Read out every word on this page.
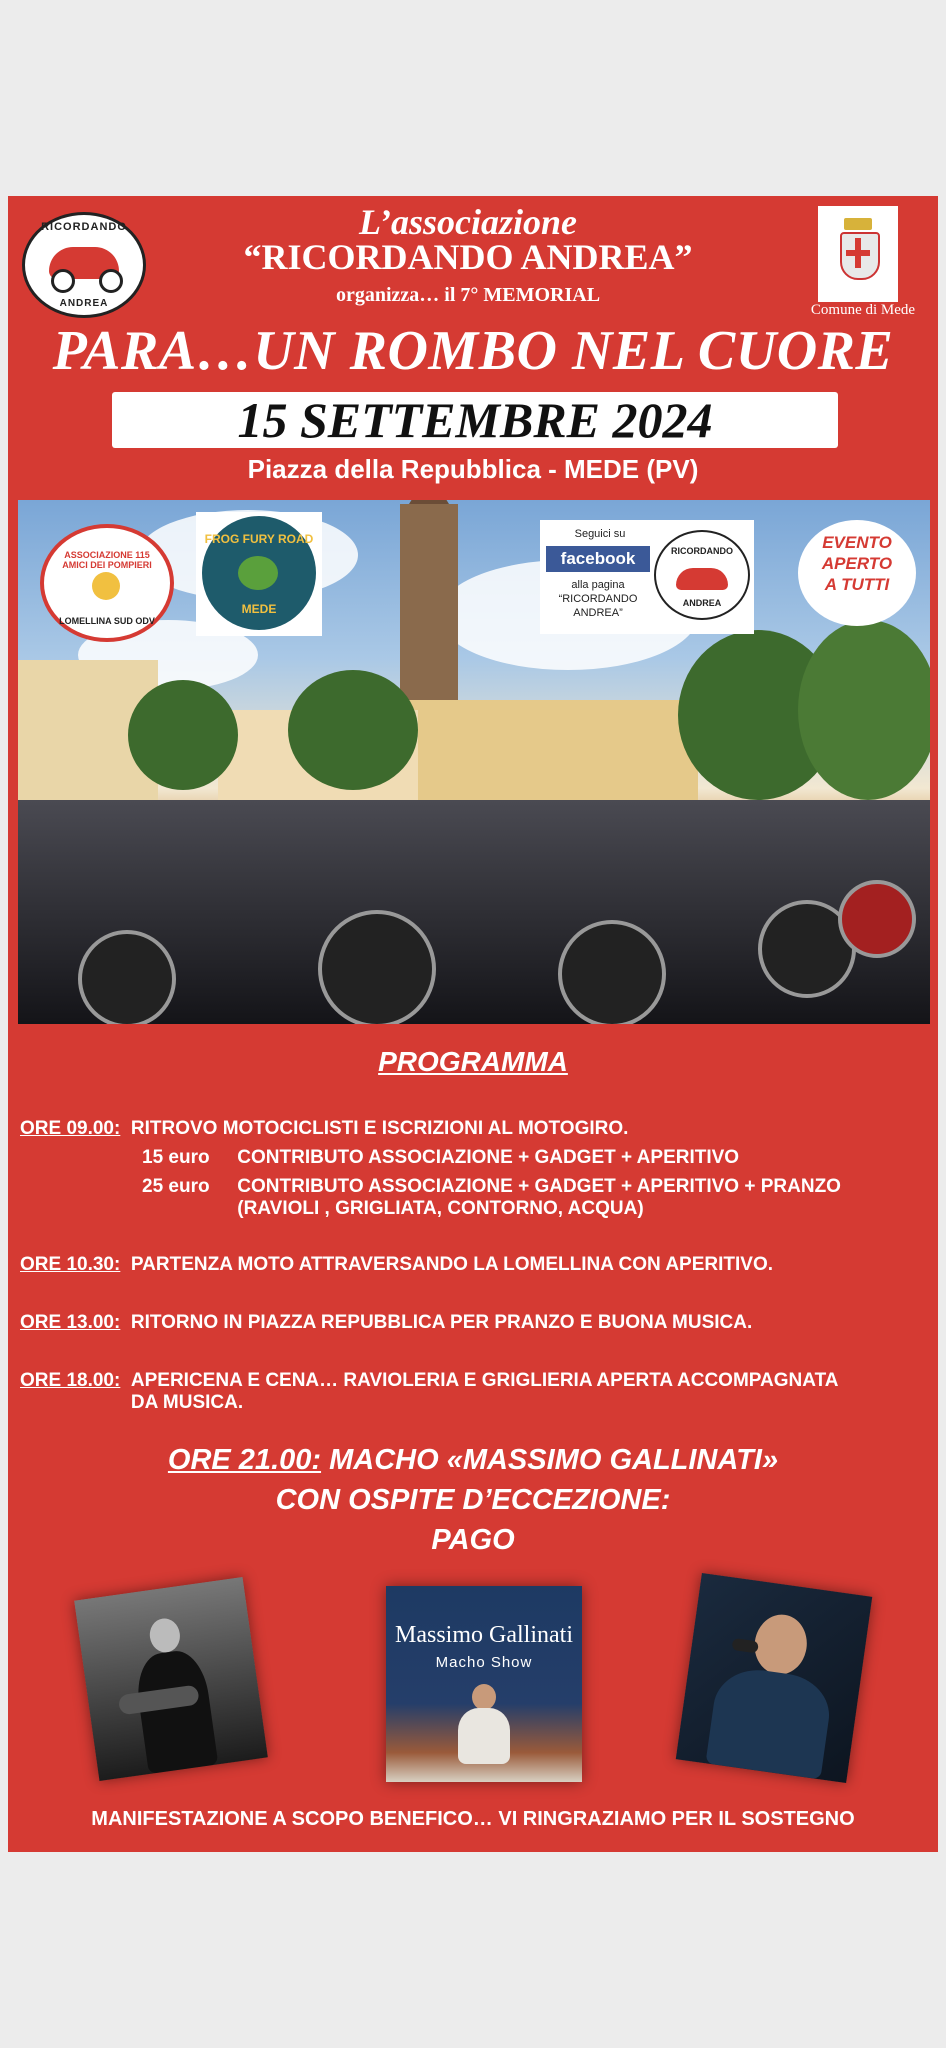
RICORDANDO
ANDREA
L’associazione
“RICORDANDO ANDREA”
organizza… il 7° MEMORIAL
Comune di Mede
PARA…UN ROMBO NEL CUORE
15 SETTEMBRE 2024
Piazza della Repubblica - MEDE (PV)
ASSOCIAZIONE 115 AMICI DEI POMPIERI
LOMELLINA SUD ODV
FROG FURY ROAD
MEDE
Seguici su
facebook
alla pagina
“RICORDANDO
ANDREA”
RICORDANDO
ANDREA
EVENTO
APERTO
A TUTTI
PROGRAMMA
ORE 09.00: RITROVO MOTOCICLISTI E ISCRIZIONI AL MOTOGIRO.
15 euro CONTRIBUTO ASSOCIAZIONE + GADGET + APERITIVO
25 euro CONTRIBUTO ASSOCIAZIONE + GADGET + APERITIVO + PRANZO
(RAVIOLI , GRIGLIATA, CONTORNO, ACQUA)
ORE 10.30: PARTENZA MOTO ATTRAVERSANDO LA LOMELLINA CON APERITIVO.
ORE 13.00: RITORNO IN PIAZZA REPUBBLICA PER PRANZO E BUONA MUSICA.
ORE 18.00: APERICENA E CENA… RAVIOLERIA E GRIGLIERIA APERTA ACCOMPAGNATA
DA MUSICA.
ORE 21.00: MACHO «MASSIMO GALLINATI»
CON OSPITE D’ECCEZIONE:
PAGO
Massimo Gallinati
Macho Show
MANIFESTAZIONE A SCOPO BENEFICO… VI RINGRAZIAMO PER IL SOSTEGNO
